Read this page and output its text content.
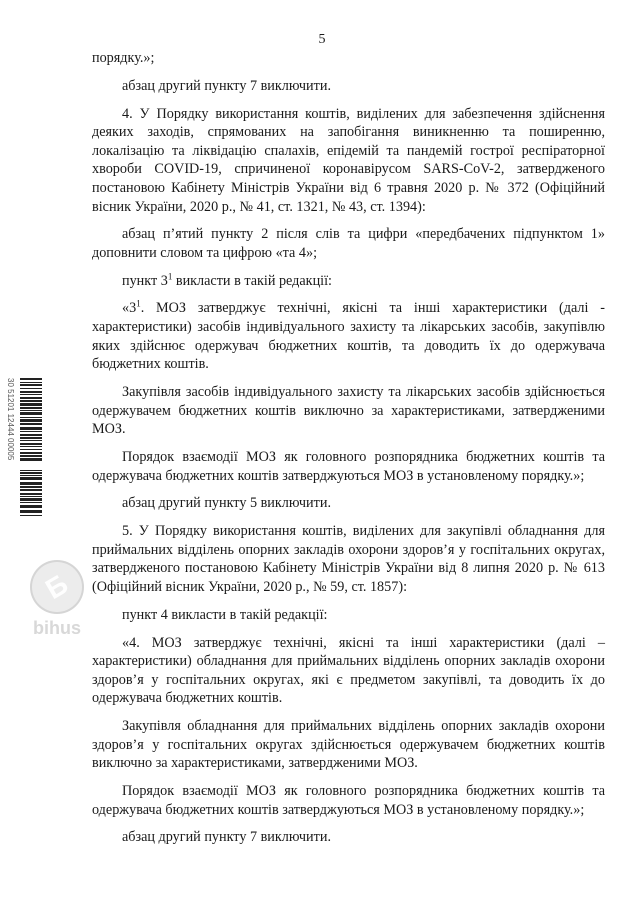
5

порядку.»;

абзац другий пункту 7 виключити.

4. У Порядку використання коштів, виділених для забезпечення здійснення деяких заходів, спрямованих на запобігання виникненню та поширенню, локалізацію та ліквідацію спалахів, епідемій та пандемій гострої респіраторної хвороби COVID-19, спричиненої коронавірусом SARS-CoV-2, затвердженого постановою Кабінету Міністрів України від 6 травня 2020 р. № 372 (Офіційний вісник України, 2020 р., № 41, ст. 1321, № 43, ст. 1394):

абзац п’ятий пункту 2 після слів та цифри «передбачених підпунктом 1» доповнити словом та цифрою «та 4»;

пункт $3^1$ викласти в такій редакції:

«$3^1$. МОЗ затверджує технічні, якісні та інші характеристики (далі - характеристики) засобів індивідуального захисту та лікарських засобів, закупівлю яких здійснює одержувач бюджетних коштів, та доводить їх до одержувача бюджетних коштів.

Закупівля засобів індивідуального захисту та лікарських засобів здійснюється одержувачем бюджетних коштів виключно за характеристиками, затвердженими МОЗ.

Порядок взаємодії МОЗ як головного розпорядника бюджетних коштів та одержувача бюджетних коштів затверджуються МОЗ в установленому порядку.»;

абзац другий пункту 5 виключити.

5. У Порядку використання коштів, виділених для закупівлі обладнання для приймальних відділень опорних закладів охорони здоров’я у госпітальних округах, затвердженого постановою Кабінету Міністрів України від 8 липня 2020 р. № 613 (Офіційний вісник України, 2020 р., № 59, ст. 1857):

пункт 4 викласти в такій редакції:

«4. МОЗ затверджує технічні, якісні та інші характеристики (далі – характеристики) обладнання для приймальних відділень опорних закладів охорони здоров’я у госпітальних округах, які є предметом закупівлі, та доводить їх до одержувача бюджетних коштів.

Закупівля обладнання для приймальних відділень опорних закладів охорони здоров’я у госпітальних округах здійснюється одержувачем бюджетних коштів виключно за характеристиками, затвердженими МОЗ.

Порядок взаємодії МОЗ як головного розпорядника бюджетних коштів та одержувача бюджетних коштів затверджуються МОЗ в установленому порядку.»;

абзац другий пункту 7 виключити.

30 51201 12444 00005
Б
bihus
